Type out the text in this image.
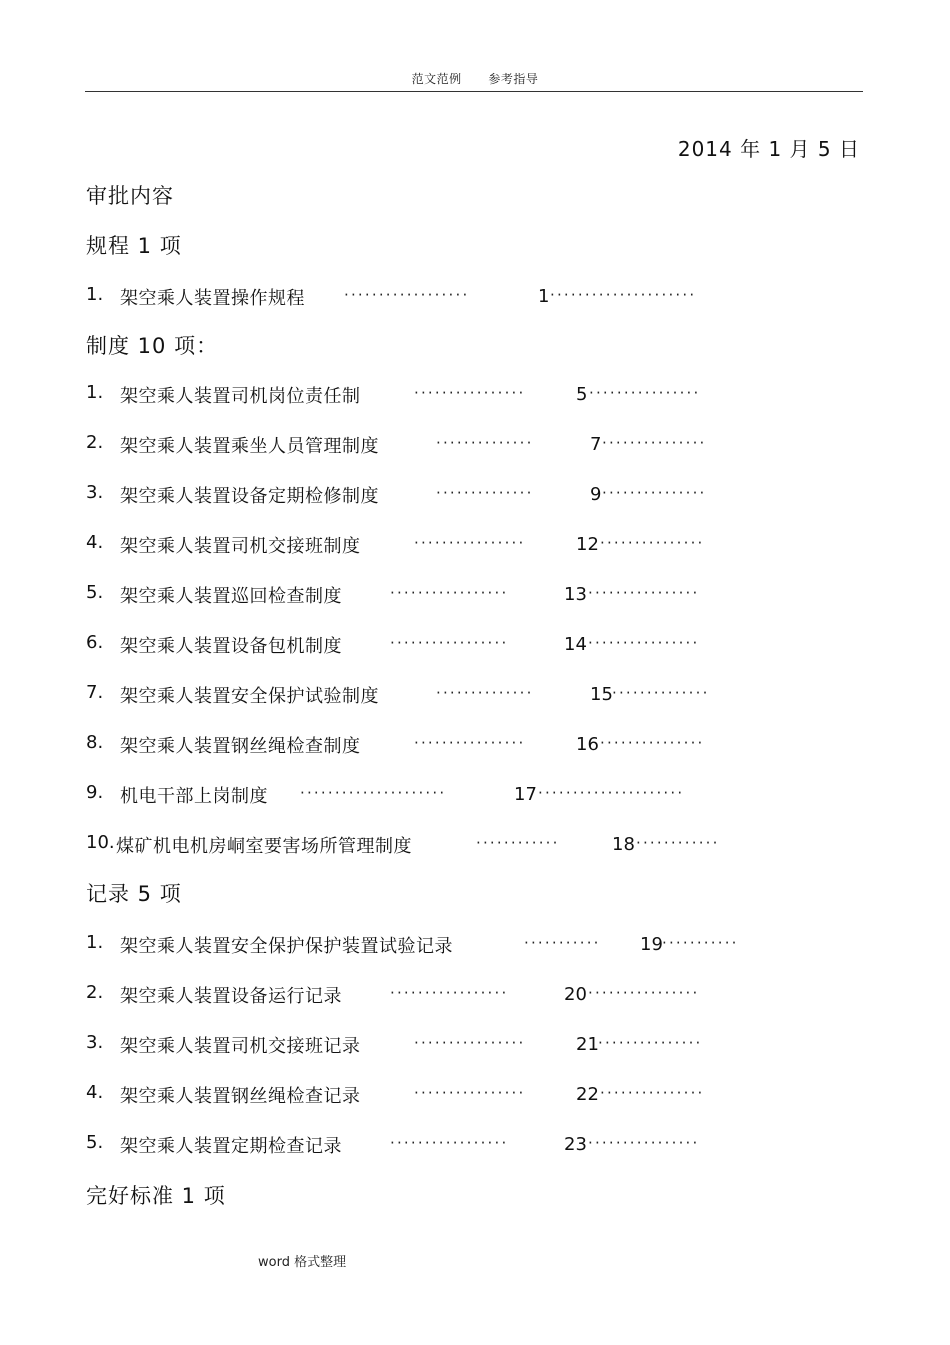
范文范例 参考指导
2014 年 1 月 5 日
审批内容
规程 1 项
1. 架空乘人装置操作规程	··················	1 ·····················
制度 10 项：
1. 架空乘人装置司机岗位责任制	················	5 ················
2. 架空乘人装置乘坐人员管理制度	··············	7 ···············
3. 架空乘人装置设备定期检修制度	··············	9 ···············
4. 架空乘人装置司机交接班制度	················	12 ···············
5. 架空乘人装置巡回检查制度	·················	13 ················
6. 架空乘人装置设备包机制度	·················	14 ················
7. 架空乘人装置安全保护试验制度	··············	15 ··············
8. 架空乘人装置钢丝绳检查制度	················	16 ···············
9. 机电干部上岗制度 ·····················	17 ·····················
10. 煤矿机电机房峒室要害场所管理制度	············	18 ············
记录 5 项
1. 架空乘人装置安全保护保护装置试验记录	··········· 19 ···········
2. 架空乘人装置设备运行记录	·················	20 ················
3. 架空乘人装置司机交接班记录	················	21 ···············
4. 架空乘人装置钢丝绳检查记录	················	22 ···············
5. 架空乘人装置定期检查记录	·················	23 ················
完好标准 1 项
word 格式整理
